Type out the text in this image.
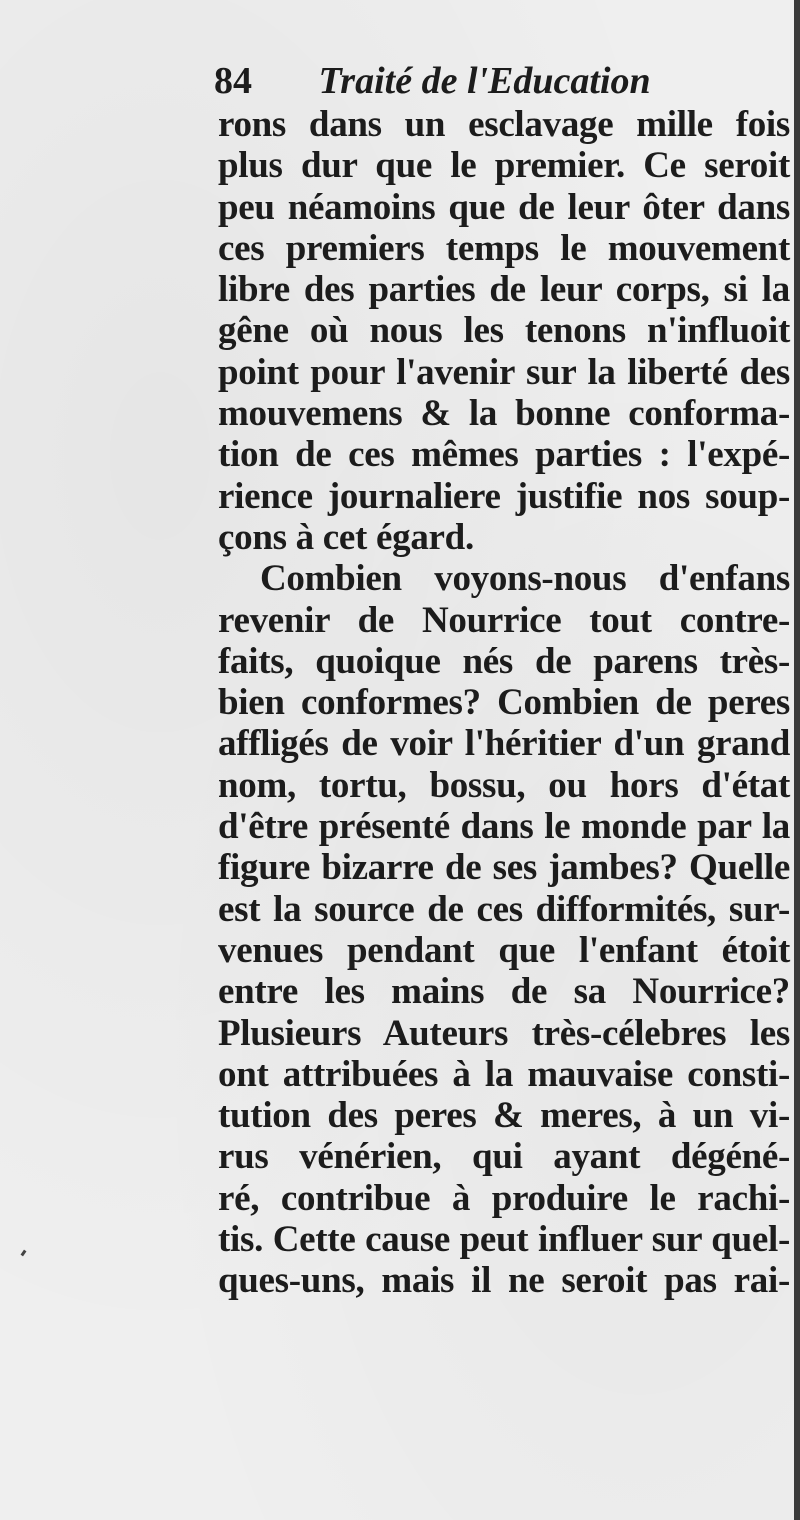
84 Traité de l'Education
rons dans un esclavage mille fois
plus dur que le premier. Ce seroit
peu néamoins que de leur ôter dans
ces premiers temps le mouvement
libre des parties de leur corps, si la
gêne où nous les tenons n'influoit
point pour l'avenir sur la liberté des
mouvemens & la bonne conforma-
tion de ces mêmes parties : l'expé-
rience journaliere justifie nos soup-
çons à cet égard.
Combien voyons-nous d'enfans
revenir de Nourrice tout contre-
faits, quoique nés de parens très-
bien conformes? Combien de peres
affligés de voir l'héritier d'un grand
nom, tortu, bossu, ou hors d'état
d'être présenté dans le monde par la
figure bizarre de ses jambes? Quelle
est la source de ces difformités, sur-
venues pendant que l'enfant étoit
entre les mains de sa Nourrice?
Plusieurs Auteurs très-célebres les
ont attribuées à la mauvaise consti-
tution des peres & meres, à un vi-
rus vénérien, qui ayant dégéné-
ré, contribue à produire le rachi-
tis. Cette cause peut influer sur quel-
ques-uns, mais il ne seroit pas rai-
